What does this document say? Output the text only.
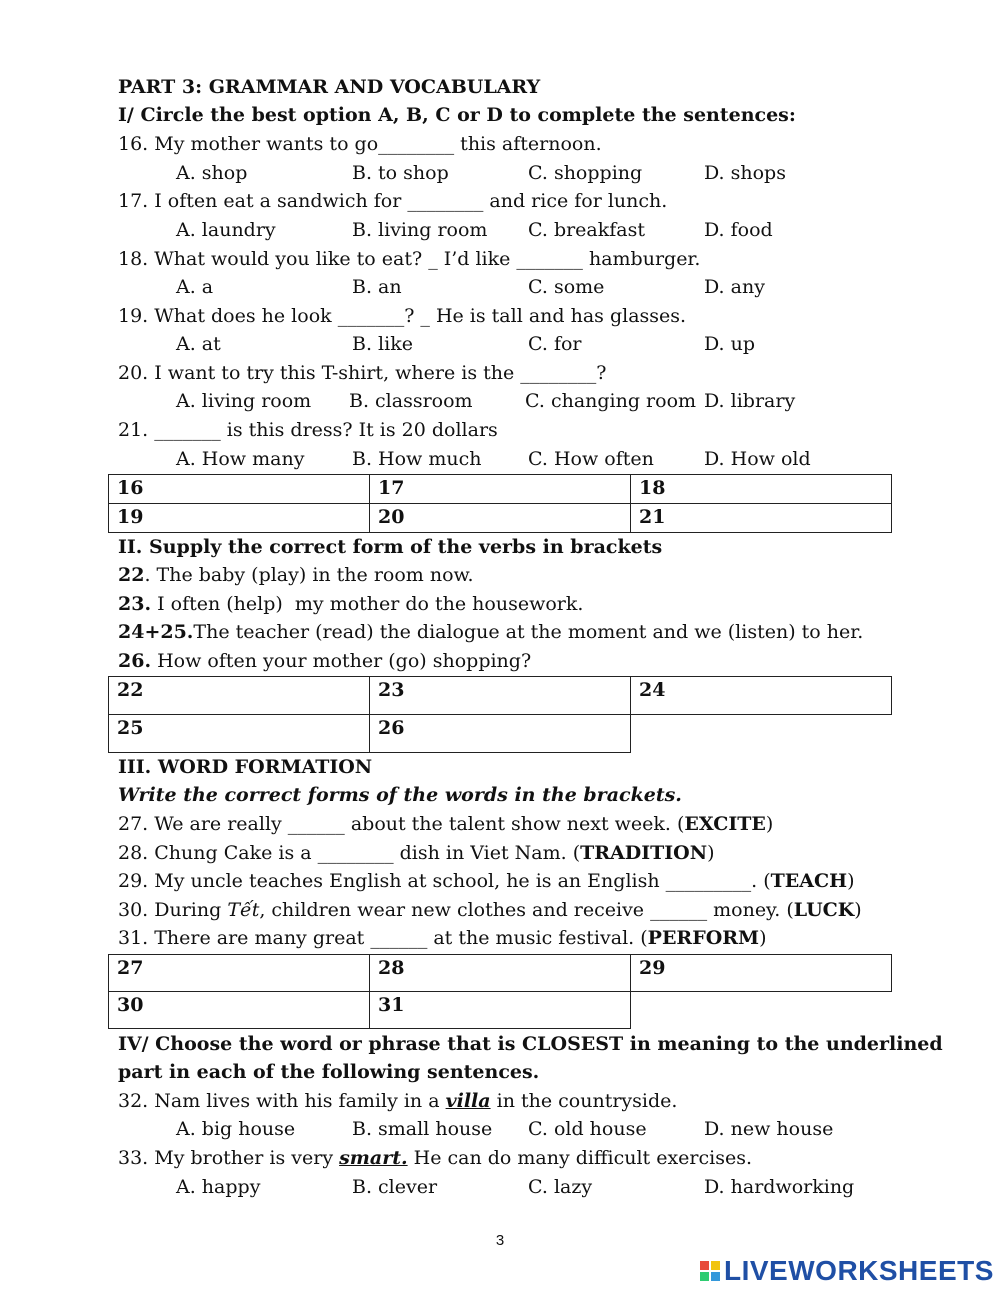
PART 3: GRAMMAR AND VOCABULARY
I/ Circle the best option A, B, C or D to complete the sentences:
16. My mother wants to go________ this afternoon.
A. shop	B. to shop	C. shopping	D. shops
17. I often eat a sandwich for ________ and rice for lunch.
A. laundry	B. living room C. breakfast	D. food
18. What would you like to eat? _ I’d like _______ hamburger.
A. a	B. an	C. some	D. any
19. What does he look _______? _ He is tall and has glasses.
A. at	B. like	C. for	D. up
20. I want to try this T-shirt, where is the ________?
A. living room B. classroom	C. changing room D. library
21. _______ is this dress? It is 20 dollars
A. How many	B. How much C. How often	D. How old
16	17	18
19	20	21
II. Supply the correct form of the verbs in brackets
22. The baby (play) in the room now.
23. I often (help)  my mother do the housework.
24+25.The teacher (read) the dialogue at the moment and we (listen) to her.
26. How often your mother (go) shopping?
22	23	24
25	26	
III. WORD FORMATION
Write the correct forms of the words in the brackets.
27. We are really ______ about the talent show next week. (EXCITE)
28. Chung Cake is a ________ dish in Viet Nam. (TRADITION)
29. My uncle teaches English at school, he is an English _________. (TEACH)
30. During Tết, children wear new clothes and receive ______ money. (LUCK)
31. There are many great ______ at the music festival. (PERFORM)
27	28	29
30	31	
IV/ Choose the word or phrase that is CLOSEST in meaning to the underlined
part in each of the following sentences.
32. Nam lives with his family in a villa in the countryside.
A. big house	B. small house C. old house	D. new house
33. My brother is very smart. He can do many difficult exercises.
A. happy	B. clever	C. lazy	D. hardworking
3
LIVEWORKSHEETS
